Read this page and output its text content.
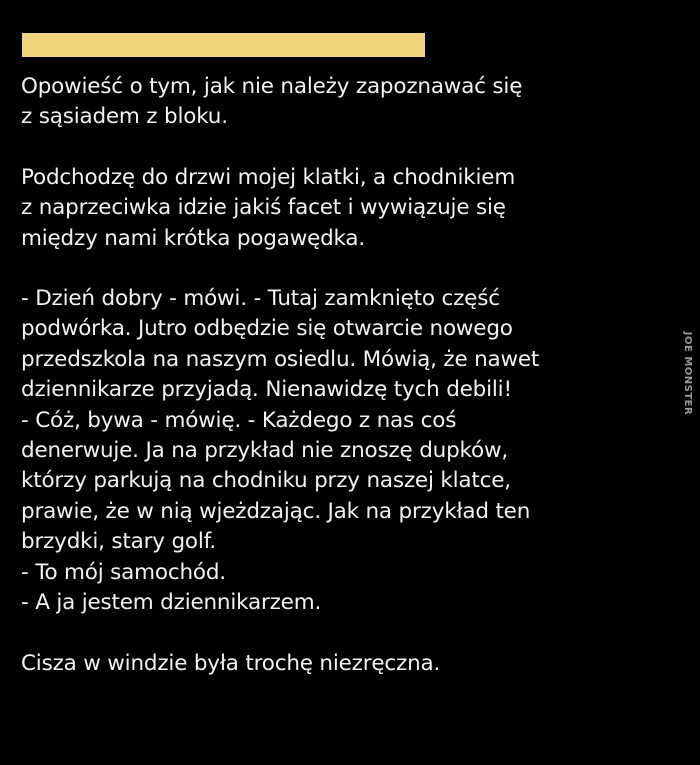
Opowieść o tym, jak nie należy zapoznawać się

z sąsiadem z bloku.

Podchodzę do drzwi mojej klatki, a chodnikiem

z naprzeciwka idzie jakiś facet i wywiązuje się

między nami krótka pogawędka.

- Dzień dobry - mówi. - Tutaj zamknięto część

podwórka. Jutro odbędzie się otwarcie nowego

przedszkola na naszym osiedlu. Mówią, że nawet

dziennikarze przyjadą. Nienawidzę tych debili!

- Cóż, bywa - mówię. - Każdego z nas coś

denerwuje. Ja na przykład nie znoszę dupków,

którzy parkują na chodniku przy naszej klatce,

prawie, że w nią wjeżdzając. Jak na przykład ten

brzydki, stary golf.

- To mój samochód.

- A ja jestem dziennikarzem.

Cisza w windzie była trochę niezręczna.

JOE MONSTER
